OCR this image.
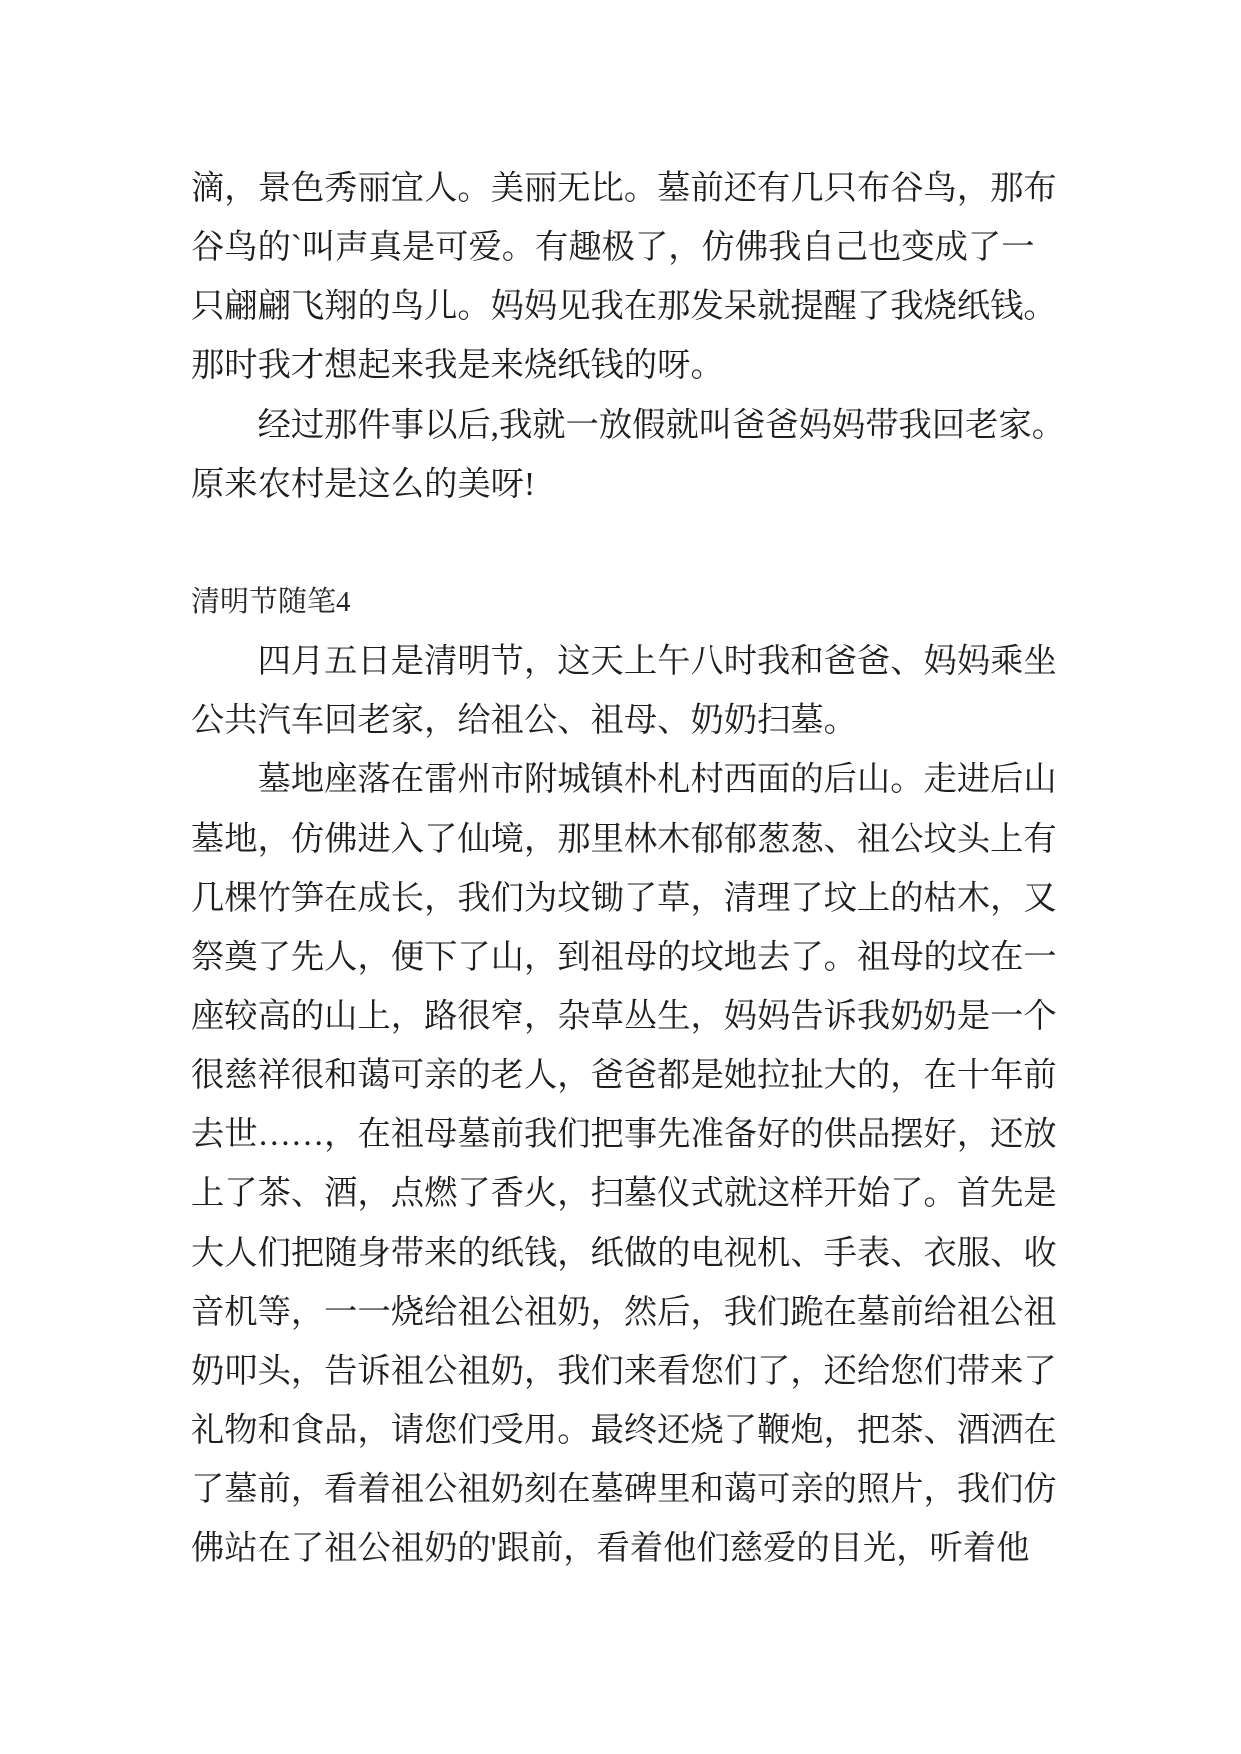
滴，景色秀丽宜人。美丽无比。墓前还有几只布谷鸟，那布
谷鸟的`叫声真是可爱。有趣极了，仿佛我自己也变成了一
只翩翩飞翔的鸟儿。妈妈见我在那发呆就提醒了我烧纸钱。
那时我才想起来我是来烧纸钱的呀。
经过那件事以后,我就一放假就叫爸爸妈妈带我回老家。
原来农村是这么的美呀!
清明节随笔4
四月五日是清明节，这天上午八时我和爸爸、妈妈乘坐
公共汽车回老家，给祖公、祖母、奶奶扫墓。
墓地座落在雷州市附城镇朴札村西面的后山。走进后山
墓地，仿佛进入了仙境，那里林木郁郁葱葱、祖公坟头上有
几棵竹笋在成长，我们为坟锄了草，清理了坟上的枯木，又
祭奠了先人，便下了山，到祖母的坟地去了。祖母的坟在一
座较高的山上，路很窄，杂草丛生，妈妈告诉我奶奶是一个
很慈祥很和蔼可亲的老人，爸爸都是她拉扯大的，在十年前
去世……，在祖母墓前我们把事先准备好的供品摆好，还放
上了茶、酒，点燃了香火，扫墓仪式就这样开始了。首先是
大人们把随身带来的纸钱，纸做的电视机、手表、衣服、收
音机等，一一烧给祖公祖奶，然后，我们跪在墓前给祖公祖
奶叩头，告诉祖公祖奶，我们来看您们了，还给您们带来了
礼物和食品，请您们受用。最终还烧了鞭炮，把茶、酒洒在
了墓前，看着祖公祖奶刻在墓碑里和蔼可亲的照片，我们仿
佛站在了祖公祖奶的'跟前，看着他们慈爱的目光，听着他
